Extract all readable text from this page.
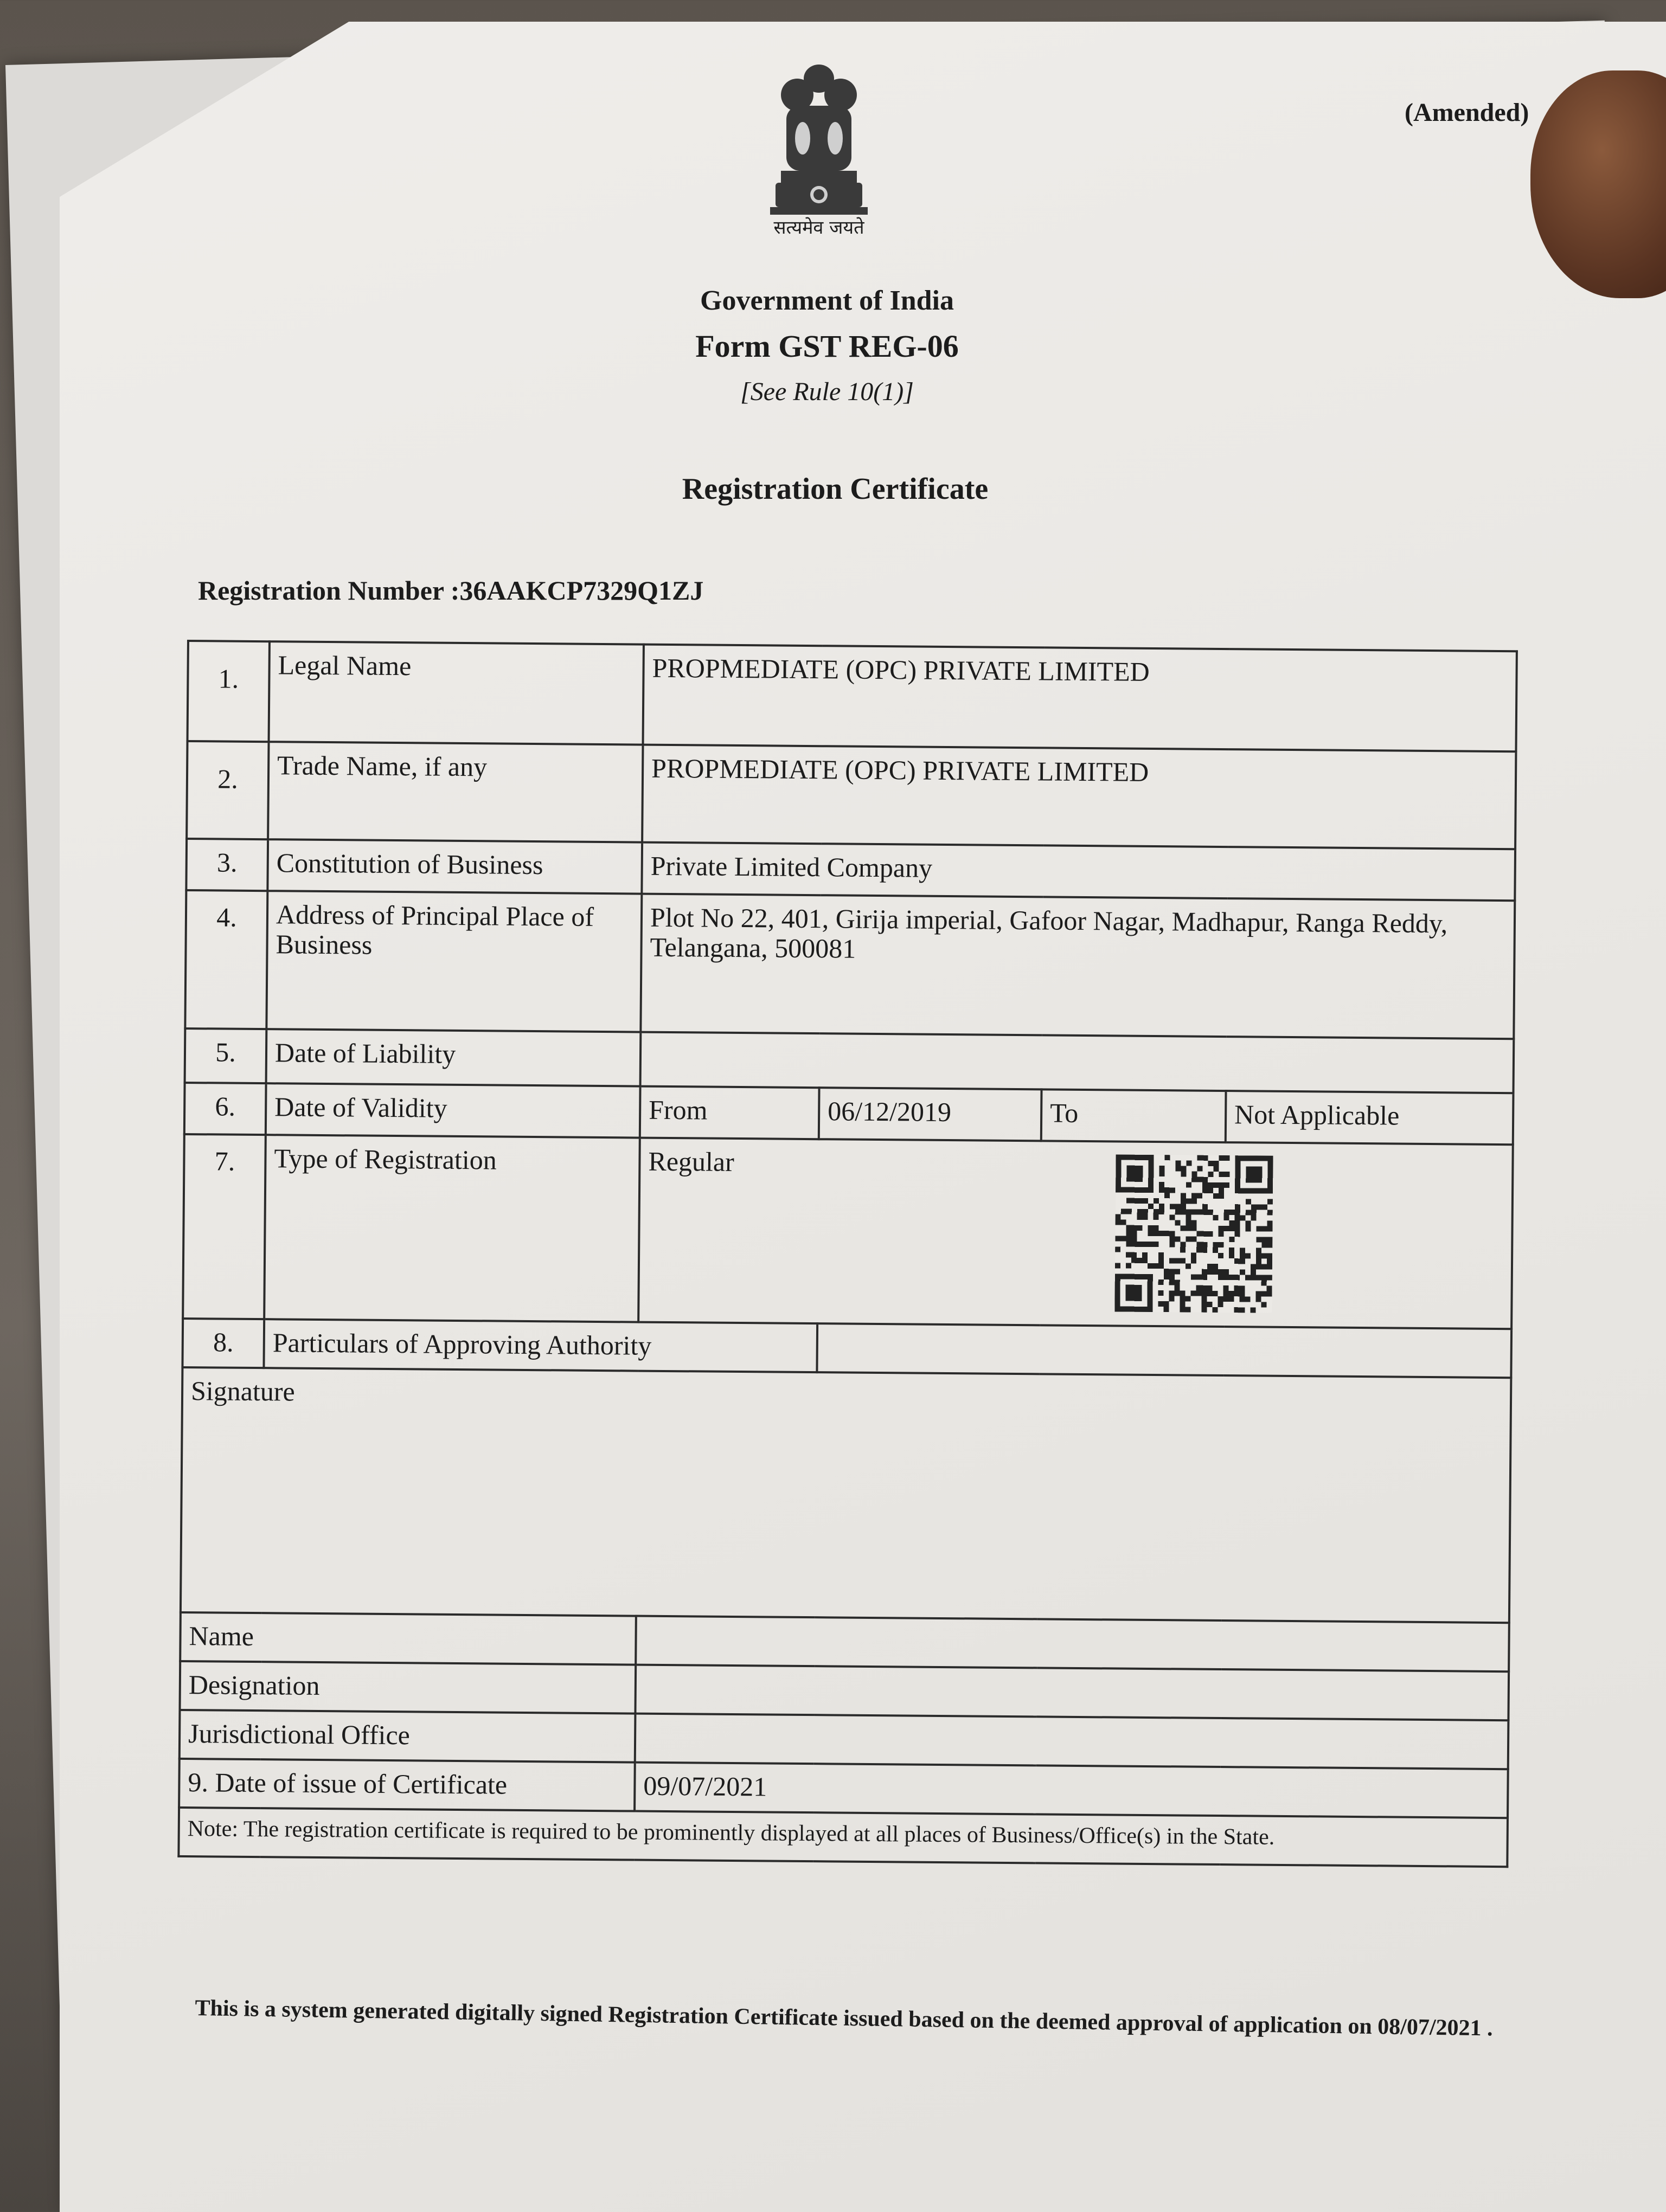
सत्यमेव जयते
(Amended)
Government of India
Form GST REG-06
[See Rule 10(1)]
Registration Certificate
Registration Number :36AAKCP7329Q1ZJ
1.	Legal Name	PROPMEDIATE (OPC) PRIVATE LIMITED			
2.	Trade Name, if any	PROPMEDIATE (OPC) PRIVATE LIMITED			
3.	Constitution of Business	Private Limited Company			
4.	Address of Principal Place of Business	Plot No 22, 401, Girija imperial, Gafoor Nagar, Madhapur, Ranga Reddy, Telangana, 500081			
5.	Date of Liability				
6.	Date of Validity	From	06/12/2019	To	Not Applicable
7.	Type of Registration	Regular			

8.	Particulars of Approving Authority				
Signature					
Name					
Designation					
Jurisdictional Office					
9. Date of issue of Certificate		09/07/2021			
Note: The registration certificate is required to be prominently displayed at all places of Business/Office(s) in the State.					
This is a system generated digitally signed Registration Certificate issued based on the deemed approval of application on 08/07/2021 .
